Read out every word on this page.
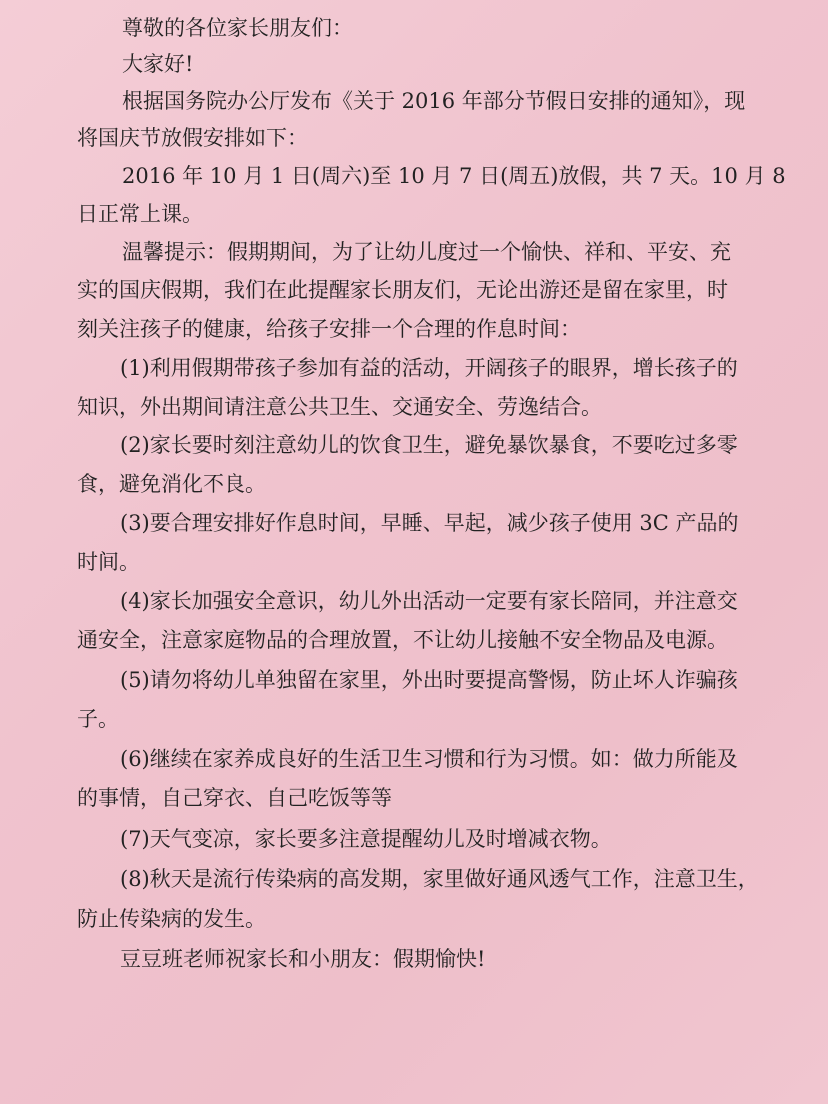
尊敬的各位家长朋友们：
大家好!
根据国务院办公厅发布《关于 2016 年部分节假日安排的通知》，现
将国庆节放假安排如下：
2016 年 10 月 1 日(周六)至 10 月 7 日(周五)放假，共 7 天。10 月 8
日正常上课。
温馨提示：假期期间，为了让幼儿度过一个愉快、祥和、平安、充
实的国庆假期，我们在此提醒家长朋友们，无论出游还是留在家里，时
刻关注孩子的健康，给孩子安排一个合理的作息时间：
(1)利用假期带孩子参加有益的活动，开阔孩子的眼界，增长孩子的
知识，外出期间请注意公共卫生、交通安全、劳逸结合。
(2)家长要时刻注意幼儿的饮食卫生，避免暴饮暴食，不要吃过多零
食，避免消化不良。
(3)要合理安排好作息时间，早睡、早起，减少孩子使用 3C 产品的
时间。
(4)家长加强安全意识，幼儿外出活动一定要有家长陪同，并注意交
通安全，注意家庭物品的合理放置，不让幼儿接触不安全物品及电源。
(5)请勿将幼儿单独留在家里，外出时要提高警惕，防止坏人诈骗孩
子。
(6)继续在家养成良好的生活卫生习惯和行为习惯。如：做力所能及
的事情，自己穿衣、自己吃饭等等
(7)天气变凉，家长要多注意提醒幼儿及时增减衣物。
(8)秋天是流行传染病的高发期，家里做好通风透气工作，注意卫生，
防止传染病的发生。
豆豆班老师祝家长和小朋友：假期愉快!
